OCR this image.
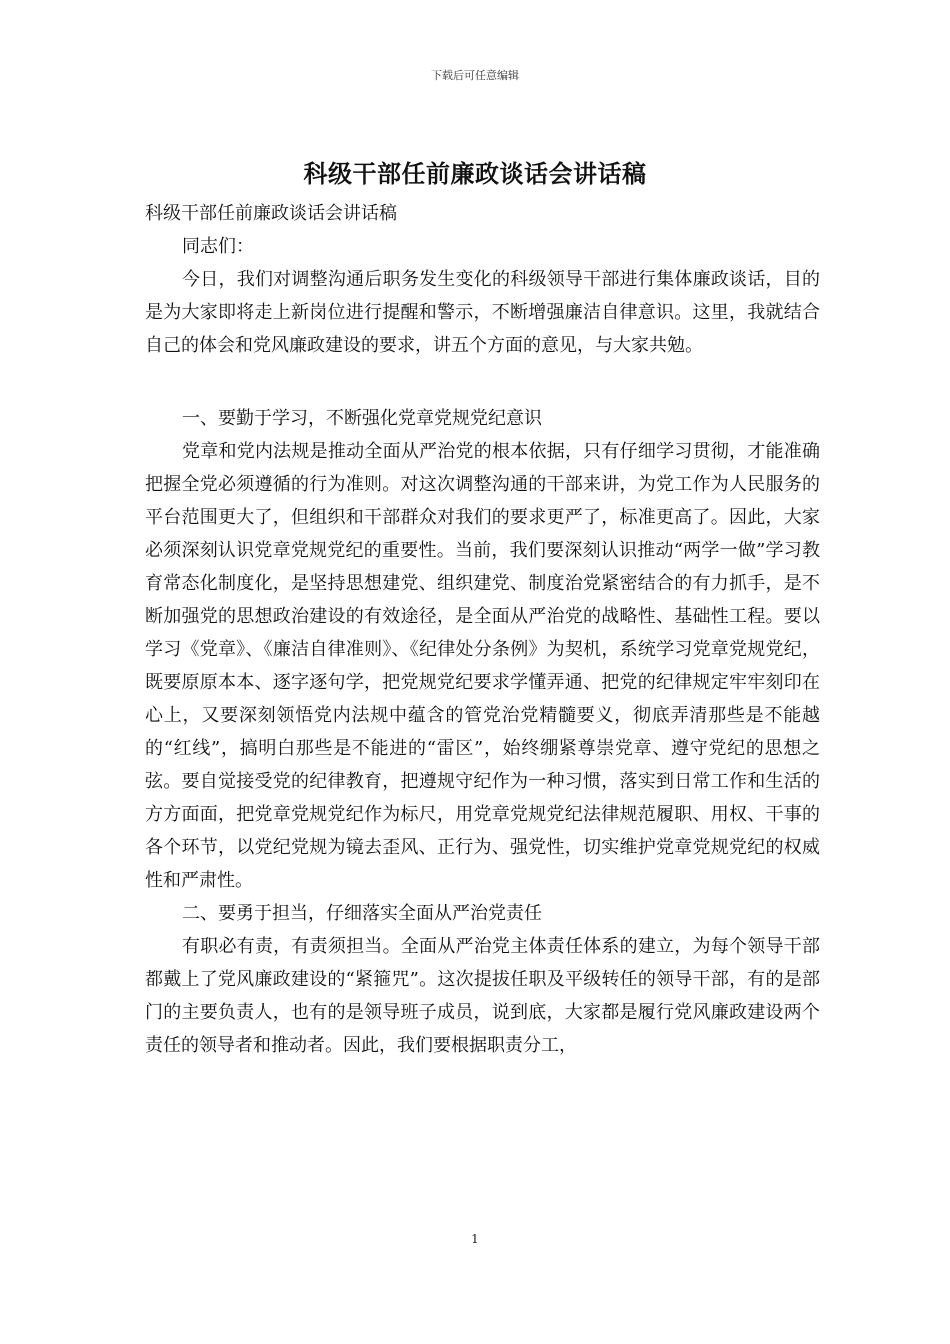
下载后可任意编辑
科级干部任前廉政谈话会讲话稿

科级干部任前廉政谈话会讲话稿

同志们：

今日，我们对调整沟通后职务发生变化的科级领导干部进行集体廉政谈话，目的是为大家即将走上新岗位进行提醒和警示，不断增强廉洁自律意识。这里，我就结合自己的体会和党风廉政建设的要求，讲五个方面的意见，与大家共勉。

一、要勤于学习，不断强化党章党规党纪意识

党章和党内法规是推动全面从严治党的根本依据，只有仔细学习贯彻，才能准确把握全党必须遵循的行为准则。对这次调整沟通的干部来讲，为党工作为人民服务的平台范围更大了，但组织和干部群众对我们的要求更严了，标准更高了。因此，大家必须深刻认识党章党规党纪的重要性。当前，我们要深刻认识推动“两学一做”学习教育常态化制度化，是坚持思想建党、组织建党、制度治党紧密结合的有力抓手，是不断加强党的思想政治建设的有效途径，是全面从严治党的战略性、基础性工程。要以学习《党章》、《廉洁自律准则》、《纪律处分条例》为契机，系统学习党章党规党纪，既要原原本本、逐字逐句学，把党规党纪要求学懂弄通、把党的纪律规定牢牢刻印在心上，又要深刻领悟党内法规中蕴含的管党治党精髓要义，彻底弄清那些是不能越的“红线”，搞明白那些是不能进的“雷区”，始终绷紧尊崇党章、遵守党纪的思想之弦。要自觉接受党的纪律教育，把遵规守纪作为一种习惯，落实到日常工作和生活的方方面面，把党章党规党纪作为标尺，用党章党规党纪法律规范履职、用权、干事的各个环节，以党纪党规为镜去歪风、正行为、强党性，切实维护党章党规党纪的权威性和严肃性。

二、要勇于担当，仔细落实全面从严治党责任

有职必有责，有责须担当。全面从严治党主体责任体系的建立，为每个领导干部都戴上了党风廉政建设的“紧箍咒”。这次提拔任职及平级转任的领导干部，有的是部门的主要负责人，也有的是领导班子成员，说到底，大家都是履行党风廉政建设两个责任的领导者和推动者。因此，我们要根据职责分工，

1
